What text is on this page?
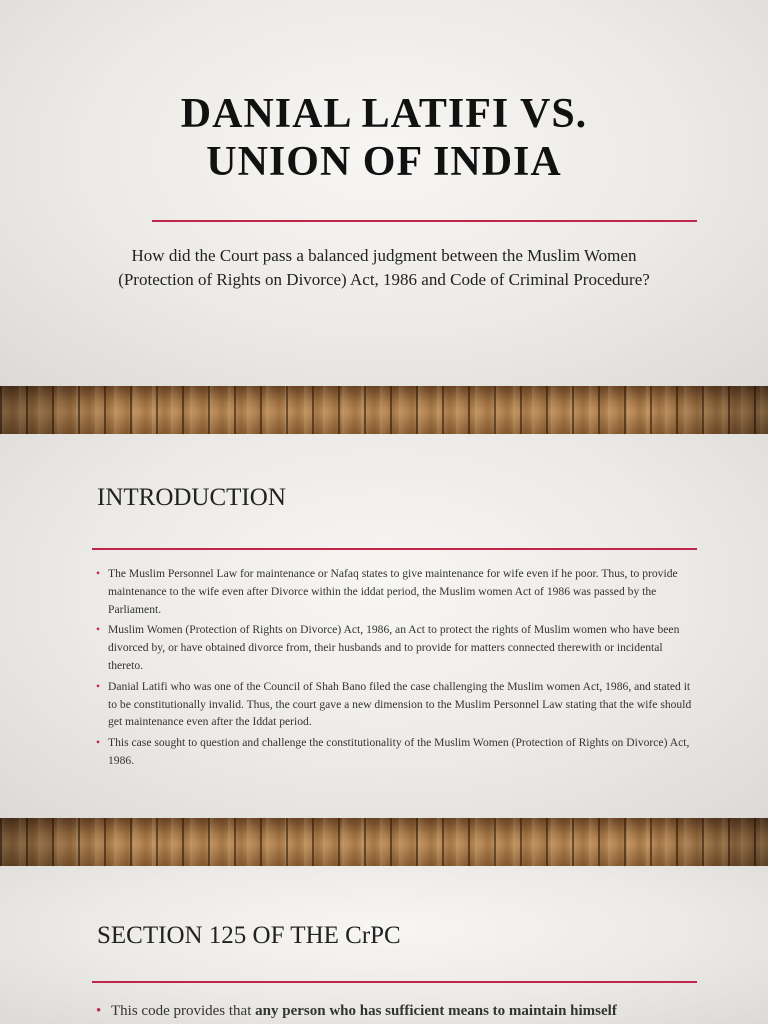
DANIAL LATIFI VS.
UNION OF INDIA
How did the Court pass a balanced judgment between the Muslim Women (Protection of Rights on Divorce) Act, 1986 and Code of Criminal Procedure?
INTRODUCTION
• The Muslim Personnel Law for maintenance or Nafaq states to give maintenance for wife even if he poor. Thus, to provide maintenance to the wife even after Divorce within the iddat period, the Muslim women Act of 1986 was passed by the Parliament.
• Muslim Women (Protection of Rights on Divorce) Act, 1986, an Act to protect the rights of Muslim women who have been divorced by, or have obtained divorce from, their husbands and to provide for matters connected therewith or incidental thereto.
• Danial Latifi who was one of the Council of Shah Bano filed the case challenging the Muslim women Act, 1986, and stated it to be constitutionally invalid. Thus, the court gave a new dimension to the Muslim Personnel Law stating that the wife should get maintenance even after the Iddat period.
• This case sought to question and challenge the constitutionality of the Muslim Women (Protection of Rights on Divorce) Act, 1986.
SECTION 125 OF THE CrPC
• This code provides that any person who has sufficient means to maintain himself
